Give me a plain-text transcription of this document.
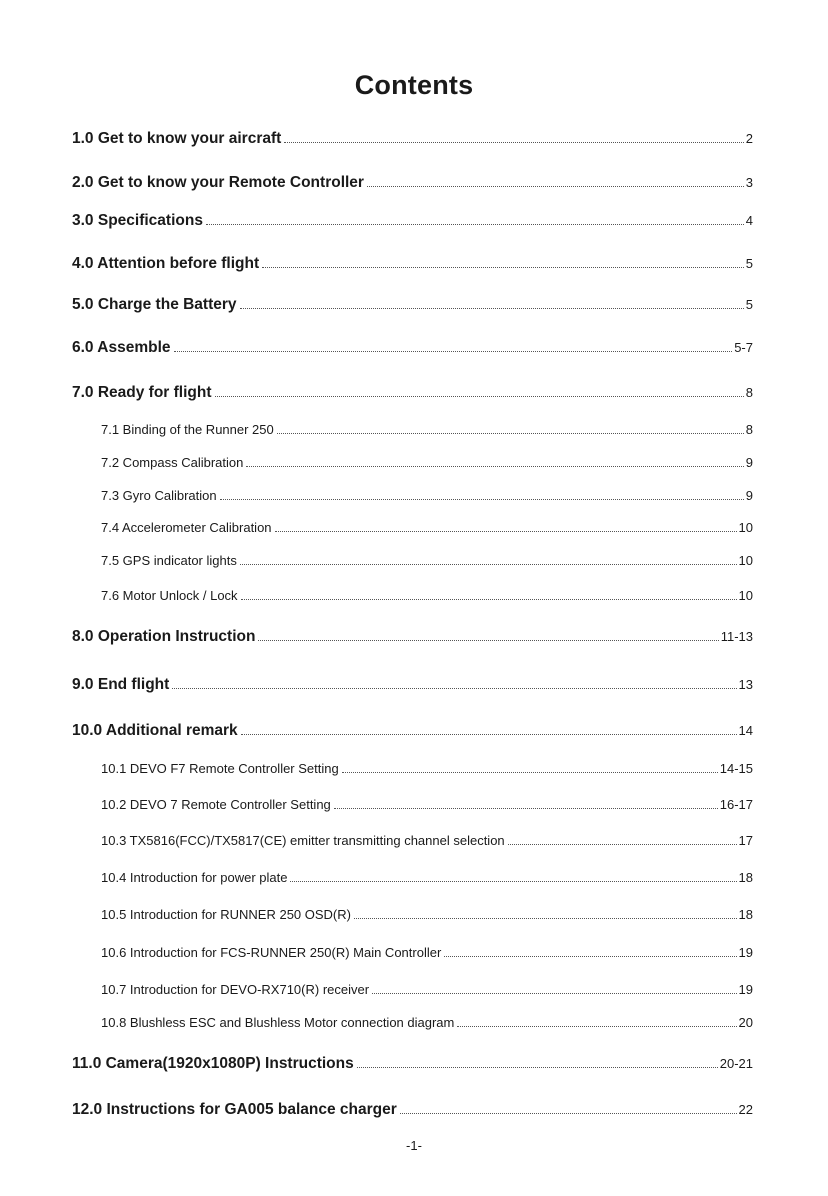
Contents
1.0 Get to know your aircraft	2
2.0 Get to know your Remote Controller	3
3.0 Specifications	4
4.0 Attention before flight	5
5.0 Charge the Battery	5
6.0 Assemble	5-7
7.0 Ready for flight	8
7.1 Binding of the Runner 250	8
7.2 Compass Calibration	9
7.3 Gyro Calibration	9
7.4 Accelerometer Calibration	10
7.5 GPS indicator lights	10
7.6 Motor Unlock / Lock	10
8.0 Operation Instruction	11-13
9.0 End flight	13
10.0 Additional remark	14
10.1 DEVO F7 Remote Controller Setting	14-15
10.2 DEVO 7 Remote Controller Setting	16-17
10.3 TX5816(FCC)/TX5817(CE) emitter transmitting channel selection	17
10.4 Introduction for power plate	18
10.5 Introduction for RUNNER 250 OSD(R)	18
10.6 Introduction for FCS-RUNNER 250(R) Main Controller	19
10.7 Introduction for DEVO-RX710(R) receiver	19
10.8 Blushless ESC and Blushless Motor connection diagram	20
11.0 Camera(1920x1080P) Instructions	20-21
12.0 Instructions for GA005 balance charger	22
-1-
